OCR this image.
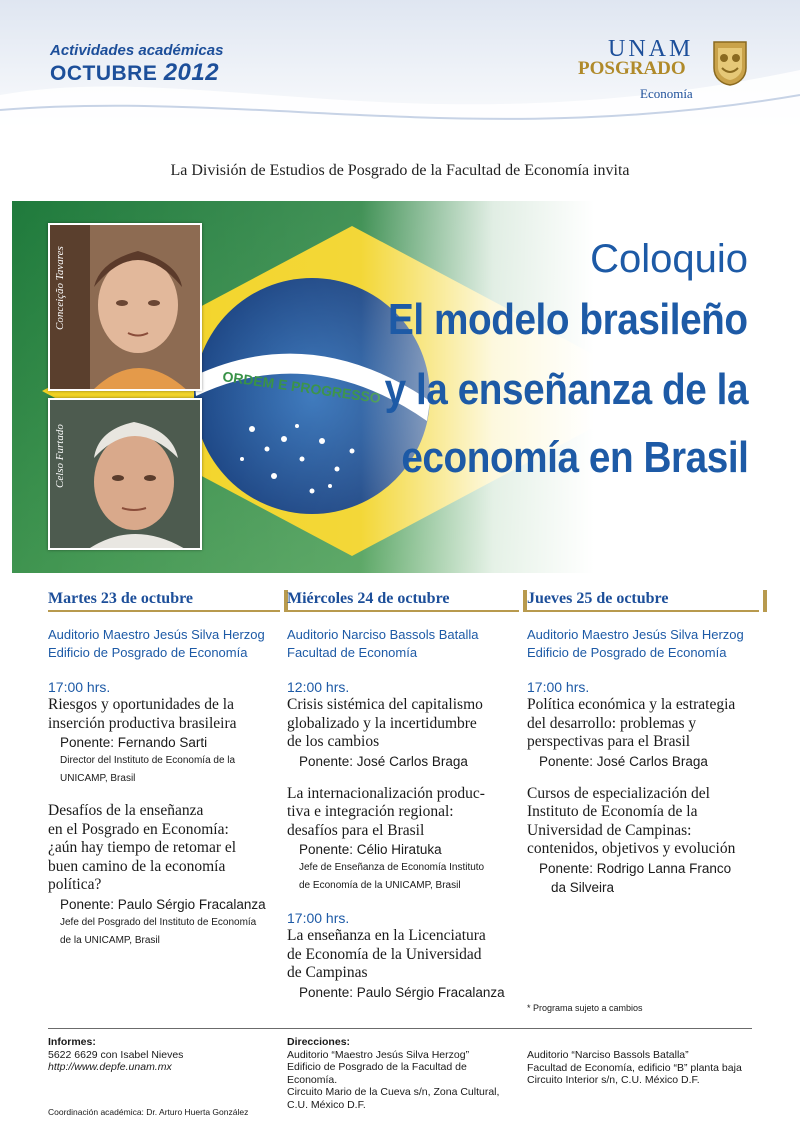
Actividades académicas
OCTUBRE 2012
UNAM
POSGRADO
Economía
La División de Estudios de Posgrado de la Facultad de Economía invita
Conceição Tavares
Celso Furtado
Coloquio
El modelo brasileño
y la enseñanza de la
economía en Brasil
Martes 23 de octubre
Auditorio Maestro Jesús Silva Herzog
Edificio de Posgrado de Economía
17:00 hrs.
Riesgos y oportunidades de la
inserción productiva brasileira
Ponente: Fernando Sarti
Director del Instituto de Economía de la
UNICAMP, Brasil
Desafíos de la enseñanza
en el Posgrado en Economía:
¿aún hay tiempo de retomar el
buen camino de la economía
política?
Ponente: Paulo Sérgio Fracalanza
Jefe del Posgrado del Instituto de Economía
de la UNICAMP, Brasil
Miércoles 24 de octubre
Auditorio Narciso Bassols Batalla
Facultad de Economía
12:00 hrs.
Crisis sistémica del capitalismo
globalizado y la incertidumbre
de los cambios
Ponente: José Carlos Braga
La internacionalización produc-
tiva e integración regional:
desafíos para el Brasil
Ponente: Célio Hiratuka
Jefe de Enseñanza de Economía Instituto
de Economía de la UNICAMP, Brasil
17:00 hrs.
La enseñanza en la Licenciatura
de Economía de la Universidad
de Campinas
Ponente: Paulo Sérgio Fracalanza
Jueves 25 de octubre
Auditorio Maestro Jesús Silva Herzog
Edificio de Posgrado de Economía
17:00 hrs.
Política económica y la estrategia
del desarrollo: problemas y
perspectivas para el Brasil
Ponente: José Carlos Braga
Cursos de especialización del
Instituto de Economía de la
Universidad de Campinas:
contenidos, objetivos y evolución
Ponente: Rodrigo Lanna Franco
da Silveira
* Programa sujeto a cambios
Informes:
5622 6629 con Isabel Nieves
http://www.depfe.unam.mx
Direcciones:
Auditorio “Maestro Jesús Silva Herzog”
Edificio de Posgrado de la Facultad de Economía.
Circuito Mario de la Cueva s/n, Zona Cultural,
C.U. México D.F.
Auditorio “Narciso Bassols Batalla”
Facultad de Economía, edificio “B” planta baja
Circuito Interior s/n, C.U. México D.F.
Coordinación académica: Dr. Arturo Huerta González
